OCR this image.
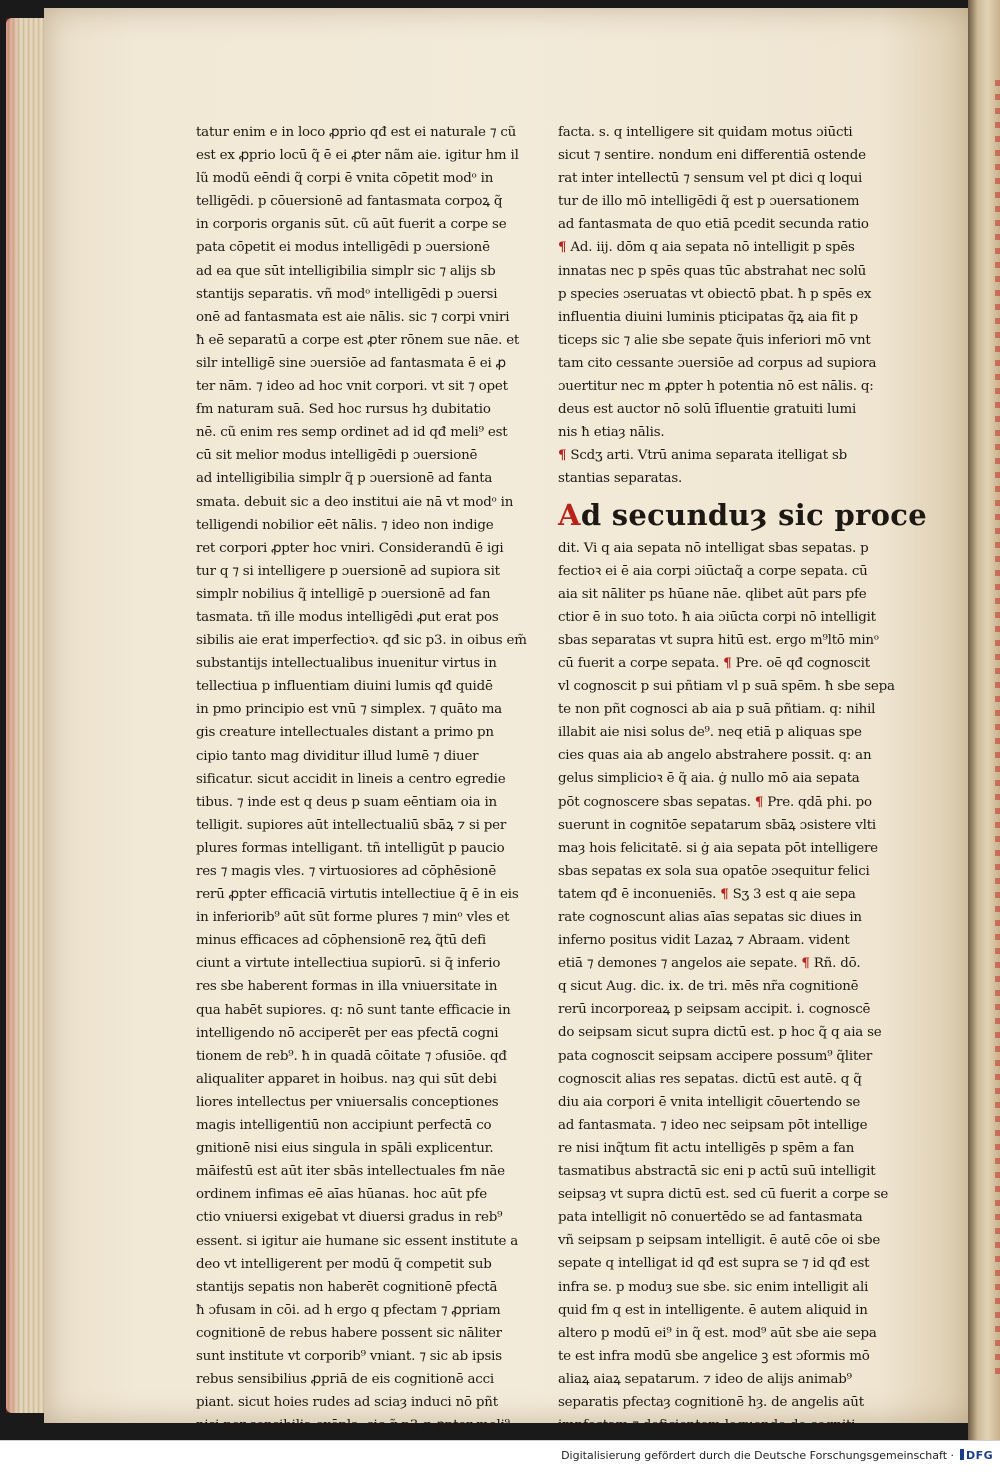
tatur enim e in loco ꝓprio qđ est ei naturale ⁊ cũ
est ex ꝓprio locū q̃ ē ei ꝓter nãm aie. igitur hm il
lũ modũ eēndi q̃ corpi ē vnita cōpetit modᵒ in
telligēdi. p cōuersionē ad fantasmata corpoꝝ q̃
in corporis organis sūt. cũ aūt fuerit a corpe se
pata cōpetit ei modus intelligēdi p ɔuersionē
ad ea que sūt intelligibilia simplr sic ⁊ alijs sb
stantijs separatis. vñ modᵒ intelligēdi p ɔuersi
onē ad fantasmata est aie nālis. sic ⁊ corpi vniri
ħ eē separatū a corpe est ꝓter rōnem sue nāe. et
silr intelligē sine ɔuersiōe ad fantasmata ē ei ꝓ
ter nām. ⁊ ideo ad hoc vnit corpori. vt sit ⁊ opet
ẜm naturam suā. Sed hoc rursus hȝ dubitatio
nē. cũ enim res semp ordinet ad id qđ meli⁹ est
cū sit melior modus intelligēdi p ɔuersionē
ad intelligibilia simplr q̃ p ɔuersionē ad fanta
smata. debuit sic a deo institui aie nā vt modᵒ in
telligendi nobilior eēt nālis. ⁊ ideo non indige
ret corpori ꝓpter hoc vniri. Considerandū ē igi
tur q ⁊ si intelligere p ɔuersionē ad supiora sit
simplr nobilius q̃ intelligē p ɔuersionē ad fan
tasmata. tñ ille modus intelligēdi ꝓut erat pos
sibilis aie erat imperfectioꝛ. qđ sic p3. in oibus em̃
substantijs intellectualibus inuenitur virtus in
tellectiua p influentiam diuini lumis qđ quidē
in pmo principio est vnū ⁊ simplex. ⁊ quāto ma
gis creature intellectuales distant a primo pn
cipio tanto mag dividitur illud lumē ⁊ diuer
sificatur. sicut accidit in lineis a centro egredie
tibus. ⁊ inde est q deus p suam eēntiam oia in
telligit. supiores aūt intellectualiū sbāꝝ ⁊ si per
plures formas intelligant. tñ intelligūt p paucio
res ⁊ magis vles. ⁊ virtuosiores ad cōphēsionē
rerū ꝓpter efficaciā virtutis intellectiue q̄ ē in eis
in inferiorib⁹ aūt sūt forme plures ⁊ minᵒ vles et
minus efficaces ad cōphensionē reꝝ q̃tū defi
ciunt a virtute intellectiua supiorū. si q̃ inferio
res sbe haberent formas in illa vniuersitate in
qua habēt supiores. q: nō sunt tante efficacie in
intelligendo nō acciperēt per eas pfectā cogni
tionem de reb⁹. ħ in quadā cōitate ⁊ ɔfusiōe. qđ
aliqualiter apparet in hoibus. naȝ qui sūt debi
liores intellectus per vniuersalis conceptiones
magis intelligentiū non accipiunt perfectā co
gnitionē nisi eius singula in spāli explicentur.
māifestū est aūt iter sbās intellectuales ẜm nāe
ordinem infimas eē aīas hūanas. hoc aūt pfe
ctio vniuersi exigebat vt diuersi gradus in reb⁹
essent. si igitur aie humane sic essent institute a
deo vt intelligerent per modū q̃ competit sub
stantijs sepatis non haberēt cognitionē pfectā
ħ ɔfusam in cōi. ad h ergo q pfectam ⁊ ꝓpriam
cognitionē de rebus habere possent sic nāliter
sunt institute vt corporib⁹ vniant. ⁊ sic ab ipsis
rebus sensibilius ꝓpriā de eis cognitionē acci
piant. sicut hoies rudes ad sciaȝ induci nō pñt
nisi per sensibilia exēpla. sic q̃ p3 q ꝓpter meli⁹
facta. s. q intelligere sit quidam motus ɔiūcti
sicut ⁊ sentire. nondum eni differentiā ostende
rat inter intellectū ⁊ sensum vel pt dici q loqui
tur de illo mō intelligēdi q̃ est p ɔuersationem
ad fantasmata de quo etiā pcedit secunda ratio
¶ Ad. iij. dōm q aia sepata nō intelligit p spēs
innatas nec p spēs quas tūc abstrahat nec solū
p species ɔseruatas vt obiectō pbat. ħ p spēs ex
influentia diuini luminis pticipatas q̃ꝝ aia fit p
ticeps sic ⁊ alie sbe sepate q̃uis inferiori mō vnt
tam cito cessante ɔuersiōe ad corpus ad supiora
ɔuertitur nec m ꝓpter h potentia nō est nālis. q:
deus est auctor nō solū īfluentie gratuiti lumi
nis ħ etiaȝ nālis.
¶ Scdʒ arti. Vtrū anima separata itelligat sb
stantias separatas.
Ad secunduȝ sic proce
dit. Vi q aia sepata nō intelligat sbas sepatas. p
fectioꝛ ei ē aia corpi ɔiūctaq̃ a corpe sepata. cū
aia sit nāliter ps hūane nāe. qlibet aūt pars pfe
ctior ē in suo toto. ħ aia ɔiūcta corpi nō intelligit
sbas separatas vt supra hitū est. ergo m⁹ltō minᵒ
cū fuerit a corpe sepata. ¶ Pre. oē qđ cognoscit
vl cognoscit p sui pñtiam vl p suā spēm. ħ sbe sepa
te non pñt cognosci ab aia p suā pñtiam. q: nihil
illabit aie nisi solus de⁹. neq etiā p aliquas spe
cies quas aia ab angelo abstrahere possit. q: an
gelus simplicioꝛ ē q̃ aia. ġ nullo mō aia sepata
pōt cognoscere sbas sepatas. ¶ Pre. qdā phi. po
suerunt in cognitōe sepatarum sbāꝝ ɔsistere vlti
maȝ hois felicitatē. si ġ aia sepata pōt intelligere
sbas sepatas ex sola sua opatōe ɔsequitur felici
tatem qđ ē inconueniēs. ¶ Sʒ 3 est q aie sepa
rate cognoscunt alias aīas sepatas sic diues in
inferno positus vidit Lazaꝝ ⁊ Abraam. vident
etiā ⁊ demones ⁊ angelos aie sepate. ¶ Rñ. dō.
q sicut Aug. dic. ix. de tri. mēs nr̃a cognitionē
rerū incorporeaꝝ p seipsam accipit. i. cognoscē
do seipsam sicut supra dictū est. p hoc q̃ q aia se
pata cognoscit seipsam accipere possum⁹ q̃liter
cognoscit alias res sepatas. dictū est autē. q q̃
diu aia corpori ē vnita intelligit cōuertendo se
ad fantasmata. ⁊ ideo nec seipsam pōt intellige
re nisi inq̃tum fit actu intelligēs p spēm a fan
tasmatibus abstractā sic eni p actū suū intelligit
seipsaȝ vt supra dictū est. sed cū fuerit a corpe se
pata intelligit nō conuertēdo se ad fantasmata
vñ seipsam p seipsam intelligit. ē autē cōe oi sbe
sepate q intelligat id qđ est supra se ⁊ id qđ est
infra se. p moduȝ sue sbe. sic enim intelligit ali
quid ẜm q est in intelligente. ē autem aliquid in
altero p modū ei⁹ in q̃ est. mod⁹ aūt sbe aie sepa
te est infra modū sbe angelice ꝫ est ɔformis mō
aliaꝝ aiaꝝ sepatarum. ⁊ ideo de alijs animab⁹
separatis pfectaȝ cognitionē hȝ. de angelis aūt
impfectam ⁊ deficientem loquendo de cogniti
Digitalisierung gefördert durch die Deutsche Forschungsgemeinschaft ·	DFG
